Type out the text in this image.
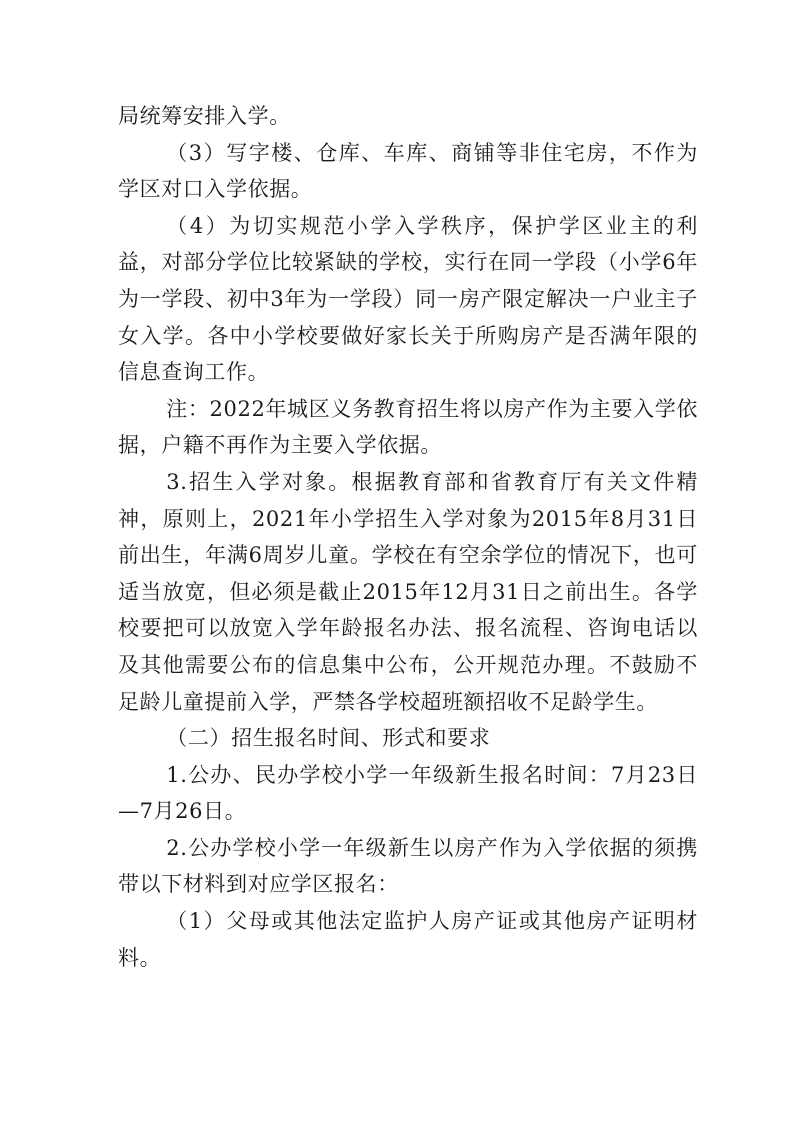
局统筹安排入学。

（3）写字楼、仓库、车库、商铺等非住宅房，不作为学区对口入学依据。

（4）为切实规范小学入学秩序，保护学区业主的利益，对部分学位比较紧缺的学校，实行在同一学段（小学6年为一学段、初中3年为一学段）同一房产限定解决一户业主子女入学。各中小学校要做好家长关于所购房产是否满年限的信息查询工作。

注：2022年城区义务教育招生将以房产作为主要入学依据，户籍不再作为主要入学依据。

3.招生入学对象。根据教育部和省教育厅有关文件精神，原则上，2021年小学招生入学对象为2015年8月31日前出生，年满6周岁儿童。学校在有空余学位的情况下，也可适当放宽，但必须是截止2015年12月31日之前出生。各学校要把可以放宽入学年龄报名办法、报名流程、咨询电话以及其他需要公布的信息集中公布，公开规范办理。不鼓励不足龄儿童提前入学，严禁各学校超班额招收不足龄学生。

（二）招生报名时间、形式和要求

1.公办、民办学校小学一年级新生报名时间：7月23日—7月26日。

2.公办学校小学一年级新生以房产作为入学依据的须携带以下材料到对应学区报名：

（1）父母或其他法定监护人房产证或其他房产证明材料。
